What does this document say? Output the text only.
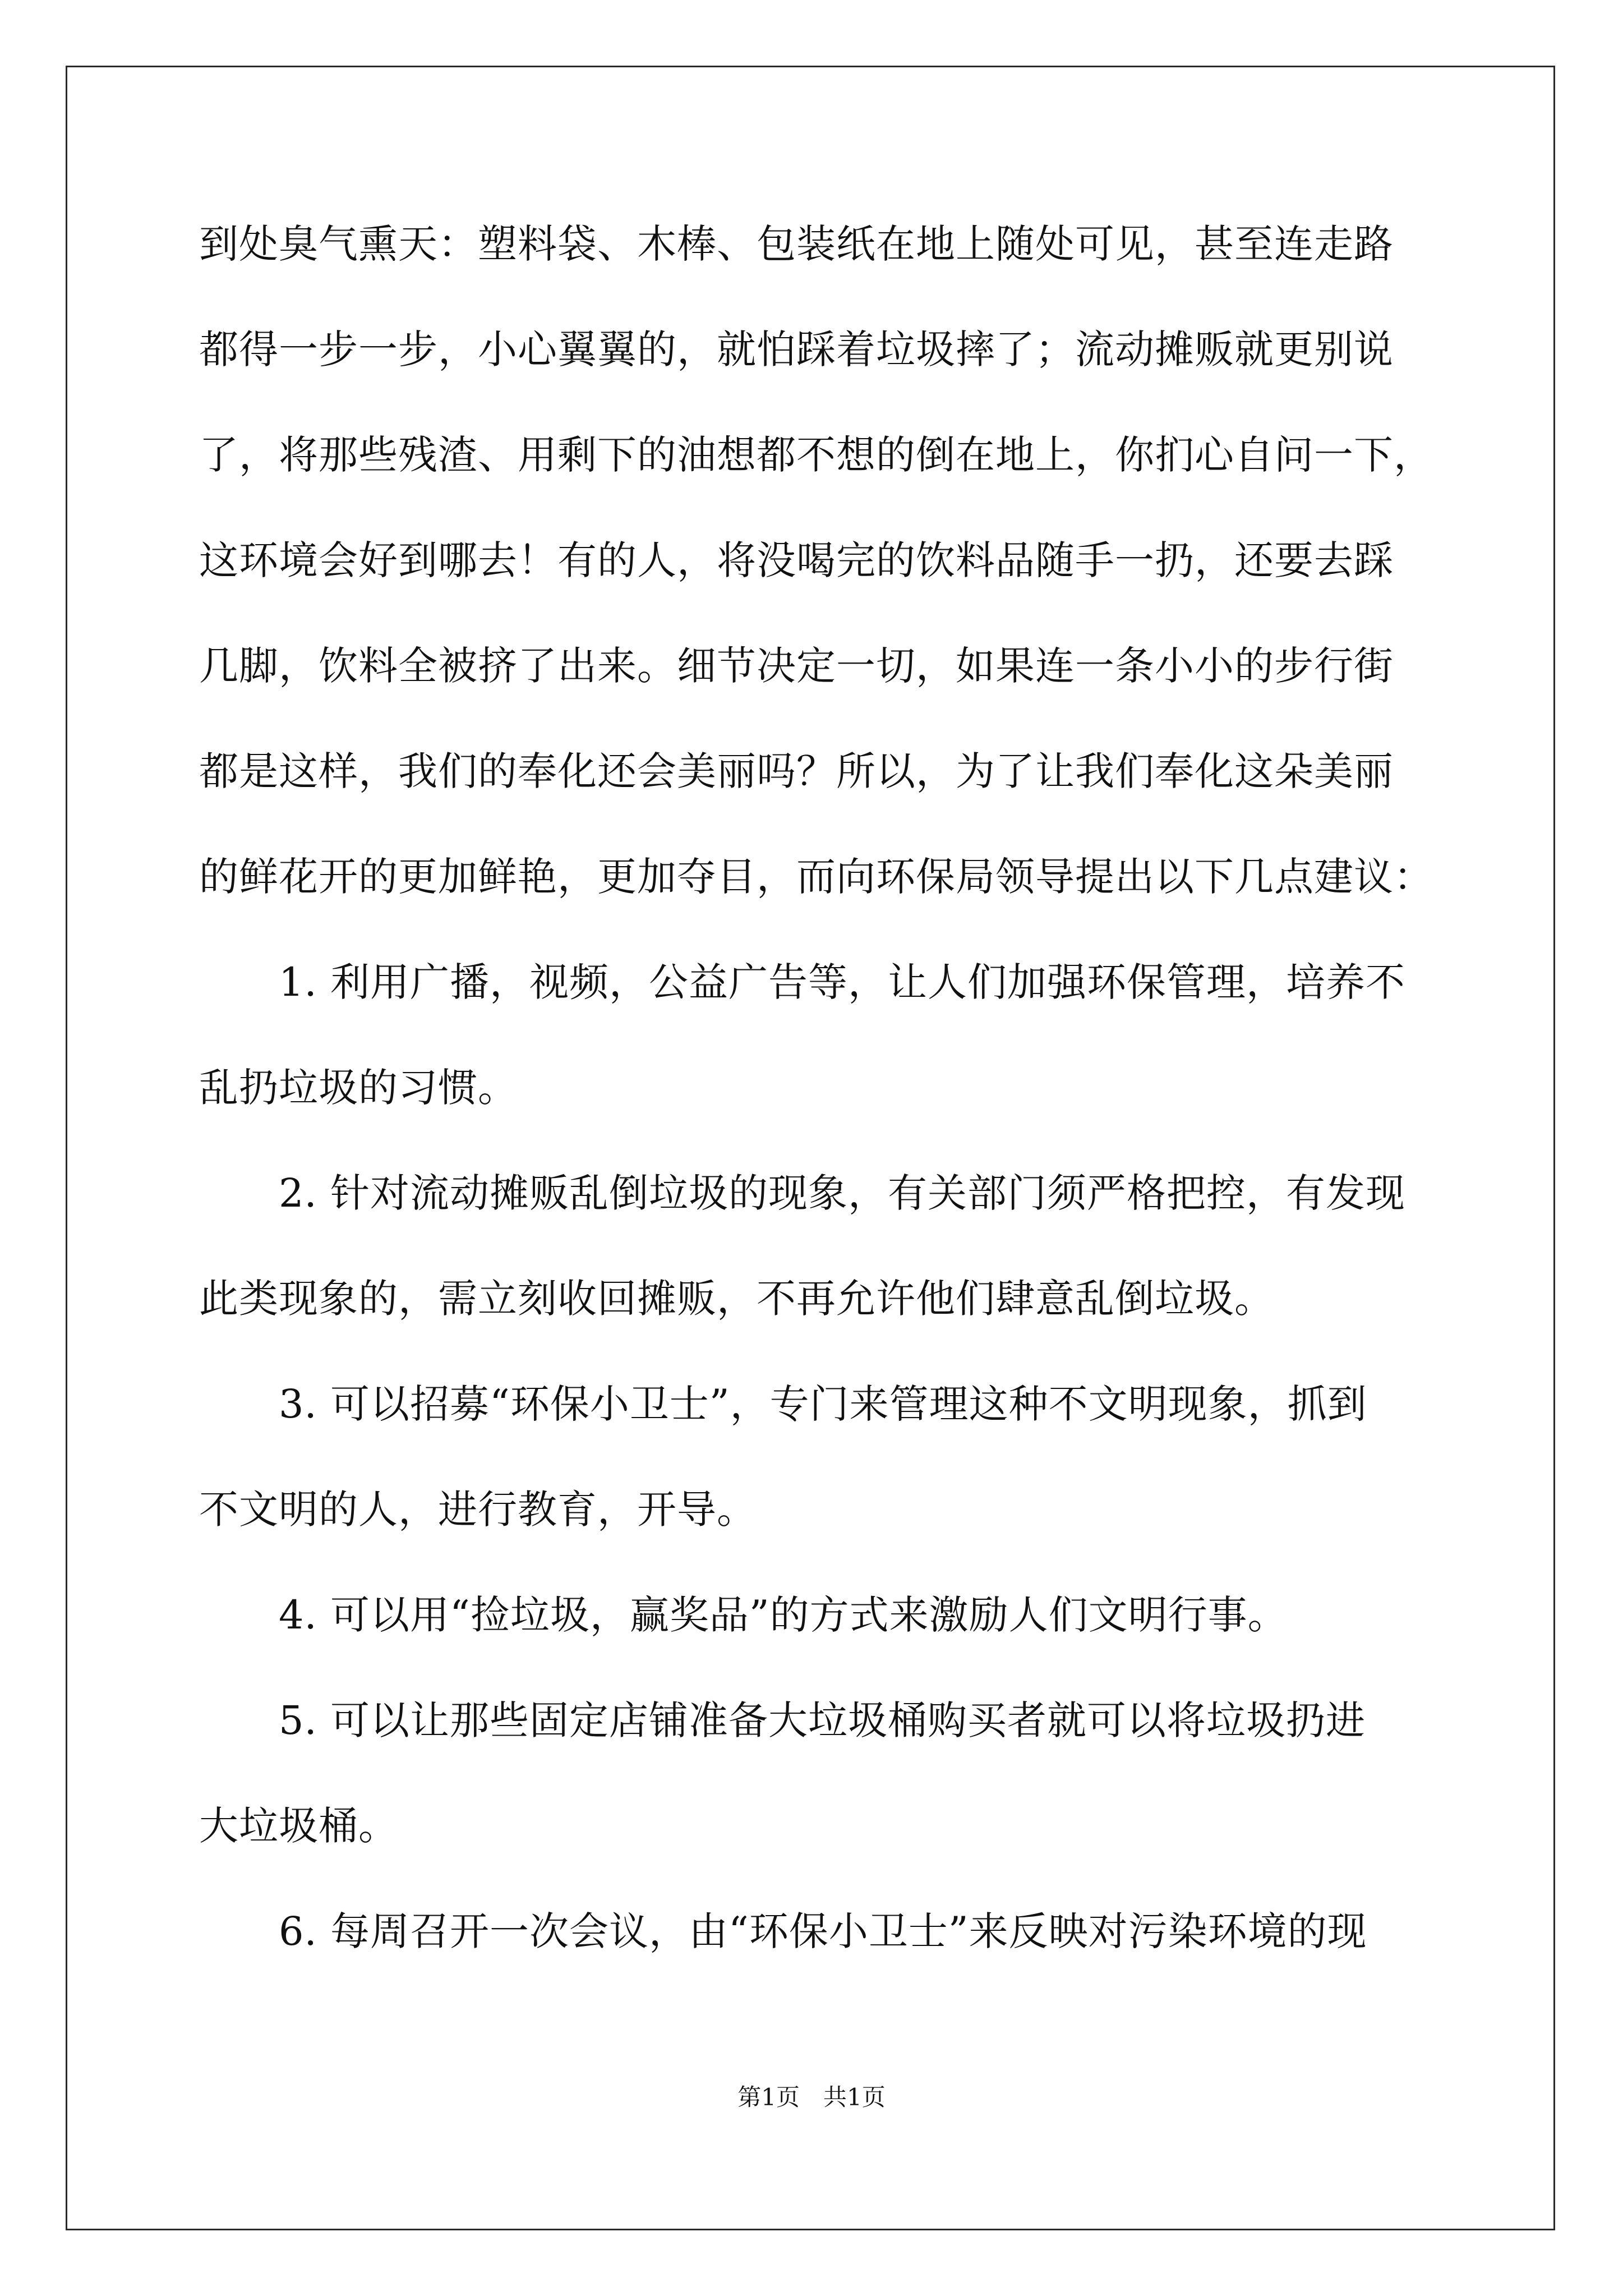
到处臭气熏天：塑料袋、木棒、包装纸在地上随处可见，甚至连走路
都得一步一步，小心翼翼的，就怕踩着垃圾摔了；流动摊贩就更别说
了，将那些残渣、用剩下的油想都不想的倒在地上，你扪心自问一下，
这环境会好到哪去！有的人，将没喝完的饮料品随手一扔，还要去踩
几脚，饮料全被挤了出来。细节决定一切，如果连一条小小的步行街
都是这样，我们的奉化还会美丽吗？所以，为了让我们奉化这朵美丽
的鲜花开的更加鲜艳，更加夺目，而向环保局领导提出以下几点建议：
　　1. 利用广播，视频，公益广告等，让人们加强环保管理，培养不
乱扔垃圾的习惯。
　　2. 针对流动摊贩乱倒垃圾的现象，有关部门须严格把控，有发现
此类现象的，需立刻收回摊贩，不再允许他们肆意乱倒垃圾。
　　3. 可以招募“环保小卫士”，专门来管理这种不文明现象，抓到
不文明的人，进行教育，开导。
　　4. 可以用“捡垃圾，赢奖品”的方式来激励人们文明行事。
　　5. 可以让那些固定店铺准备大垃圾桶购买者就可以将垃圾扔进
大垃圾桶。
　　6. 每周召开一次会议，由“环保小卫士”来反映对污染环境的现
第1页　共1页
